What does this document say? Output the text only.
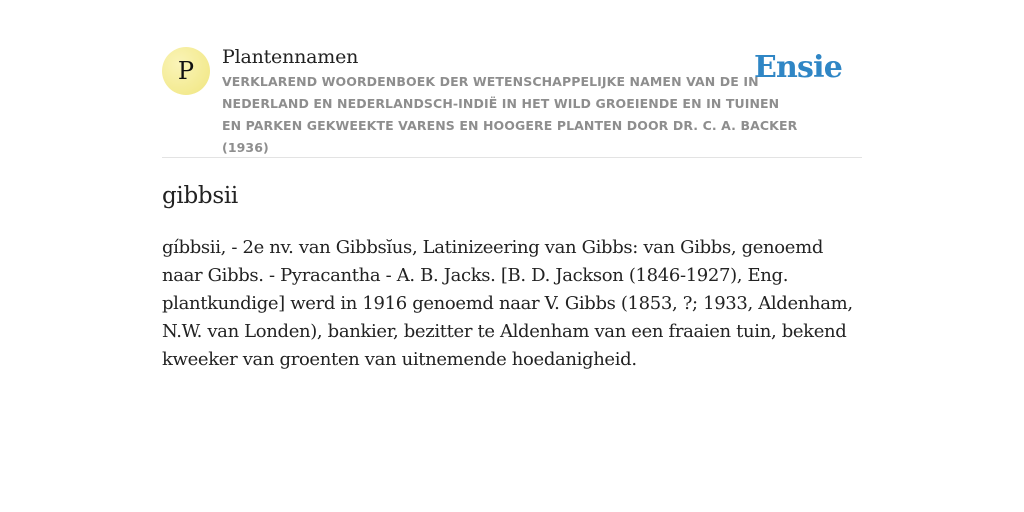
P	Plantennamen
VERKLAREND WOORDENBOEK DER WETENSCHAPPELIJKE NAMEN VAN DE IN NEDERLAND EN NEDERLANDSCH-INDIË IN HET WILD GROEIENDE EN IN TUINEN EN PARKEN GEKWEEKTE VARENS EN HOOGERE PLANTEN DOOR DR. C. A. BACKER (1936)
Ensie
gibbsii
gíbbsii, - 2e nv. van Gibbsĭus, Latinizeering van Gibbs: van Gibbs, genoemd naar Gibbs. - Pyracantha - A. B. Jacks. [B. D. Jackson (1846-1927), Eng. plantkundige] werd in 1916 genoemd naar V. Gibbs (1853, ?; 1933, Aldenham, N.W. van Londen), bankier, bezitter te Aldenham van een fraaien tuin, bekend kweeker van groenten van uitnemende hoedanigheid.
